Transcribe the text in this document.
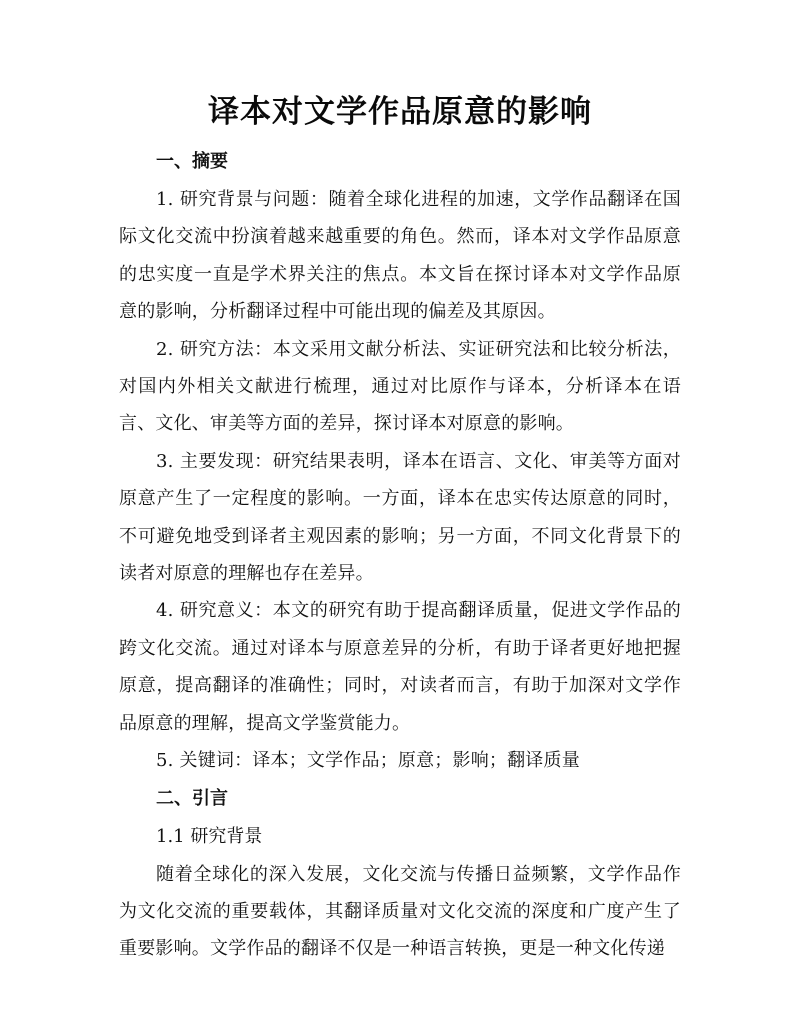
译本对文学作品原意的影响
一、摘要

1. 研究背景与问题：随着全球化进程的加速，文学作品翻译在国际文化交流中扮演着越来越重要的角色。然而，译本对文学作品原意的忠实度一直是学术界关注的焦点。本文旨在探讨译本对文学作品原意的影响，分析翻译过程中可能出现的偏差及其原因。

2. 研究方法：本文采用文献分析法、实证研究法和比较分析法，对国内外相关文献进行梳理，通过对比原作与译本，分析译本在语言、文化、审美等方面的差异，探讨译本对原意的影响。

3. 主要发现：研究结果表明，译本在语言、文化、审美等方面对原意产生了一定程度的影响。一方面，译本在忠实传达原意的同时，不可避免地受到译者主观因素的影响；另一方面，不同文化背景下的读者对原意的理解也存在差异。

4. 研究意义：本文的研究有助于提高翻译质量，促进文学作品的跨文化交流。通过对译本与原意差异的分析，有助于译者更好地把握原意，提高翻译的准确性；同时，对读者而言，有助于加深对文学作品原意的理解，提高文学鉴赏能力。

5. 关键词：译本；文学作品；原意；影响；翻译质量

二、引言
1.1 研究背景

随着全球化的深入发展，文化交流与传播日益频繁，文学作品作为文化交流的重要载体，其翻译质量对文化交流的深度和广度产生了重要影响。文学作品的翻译不仅是一种语言转换，更是一种文化传递
